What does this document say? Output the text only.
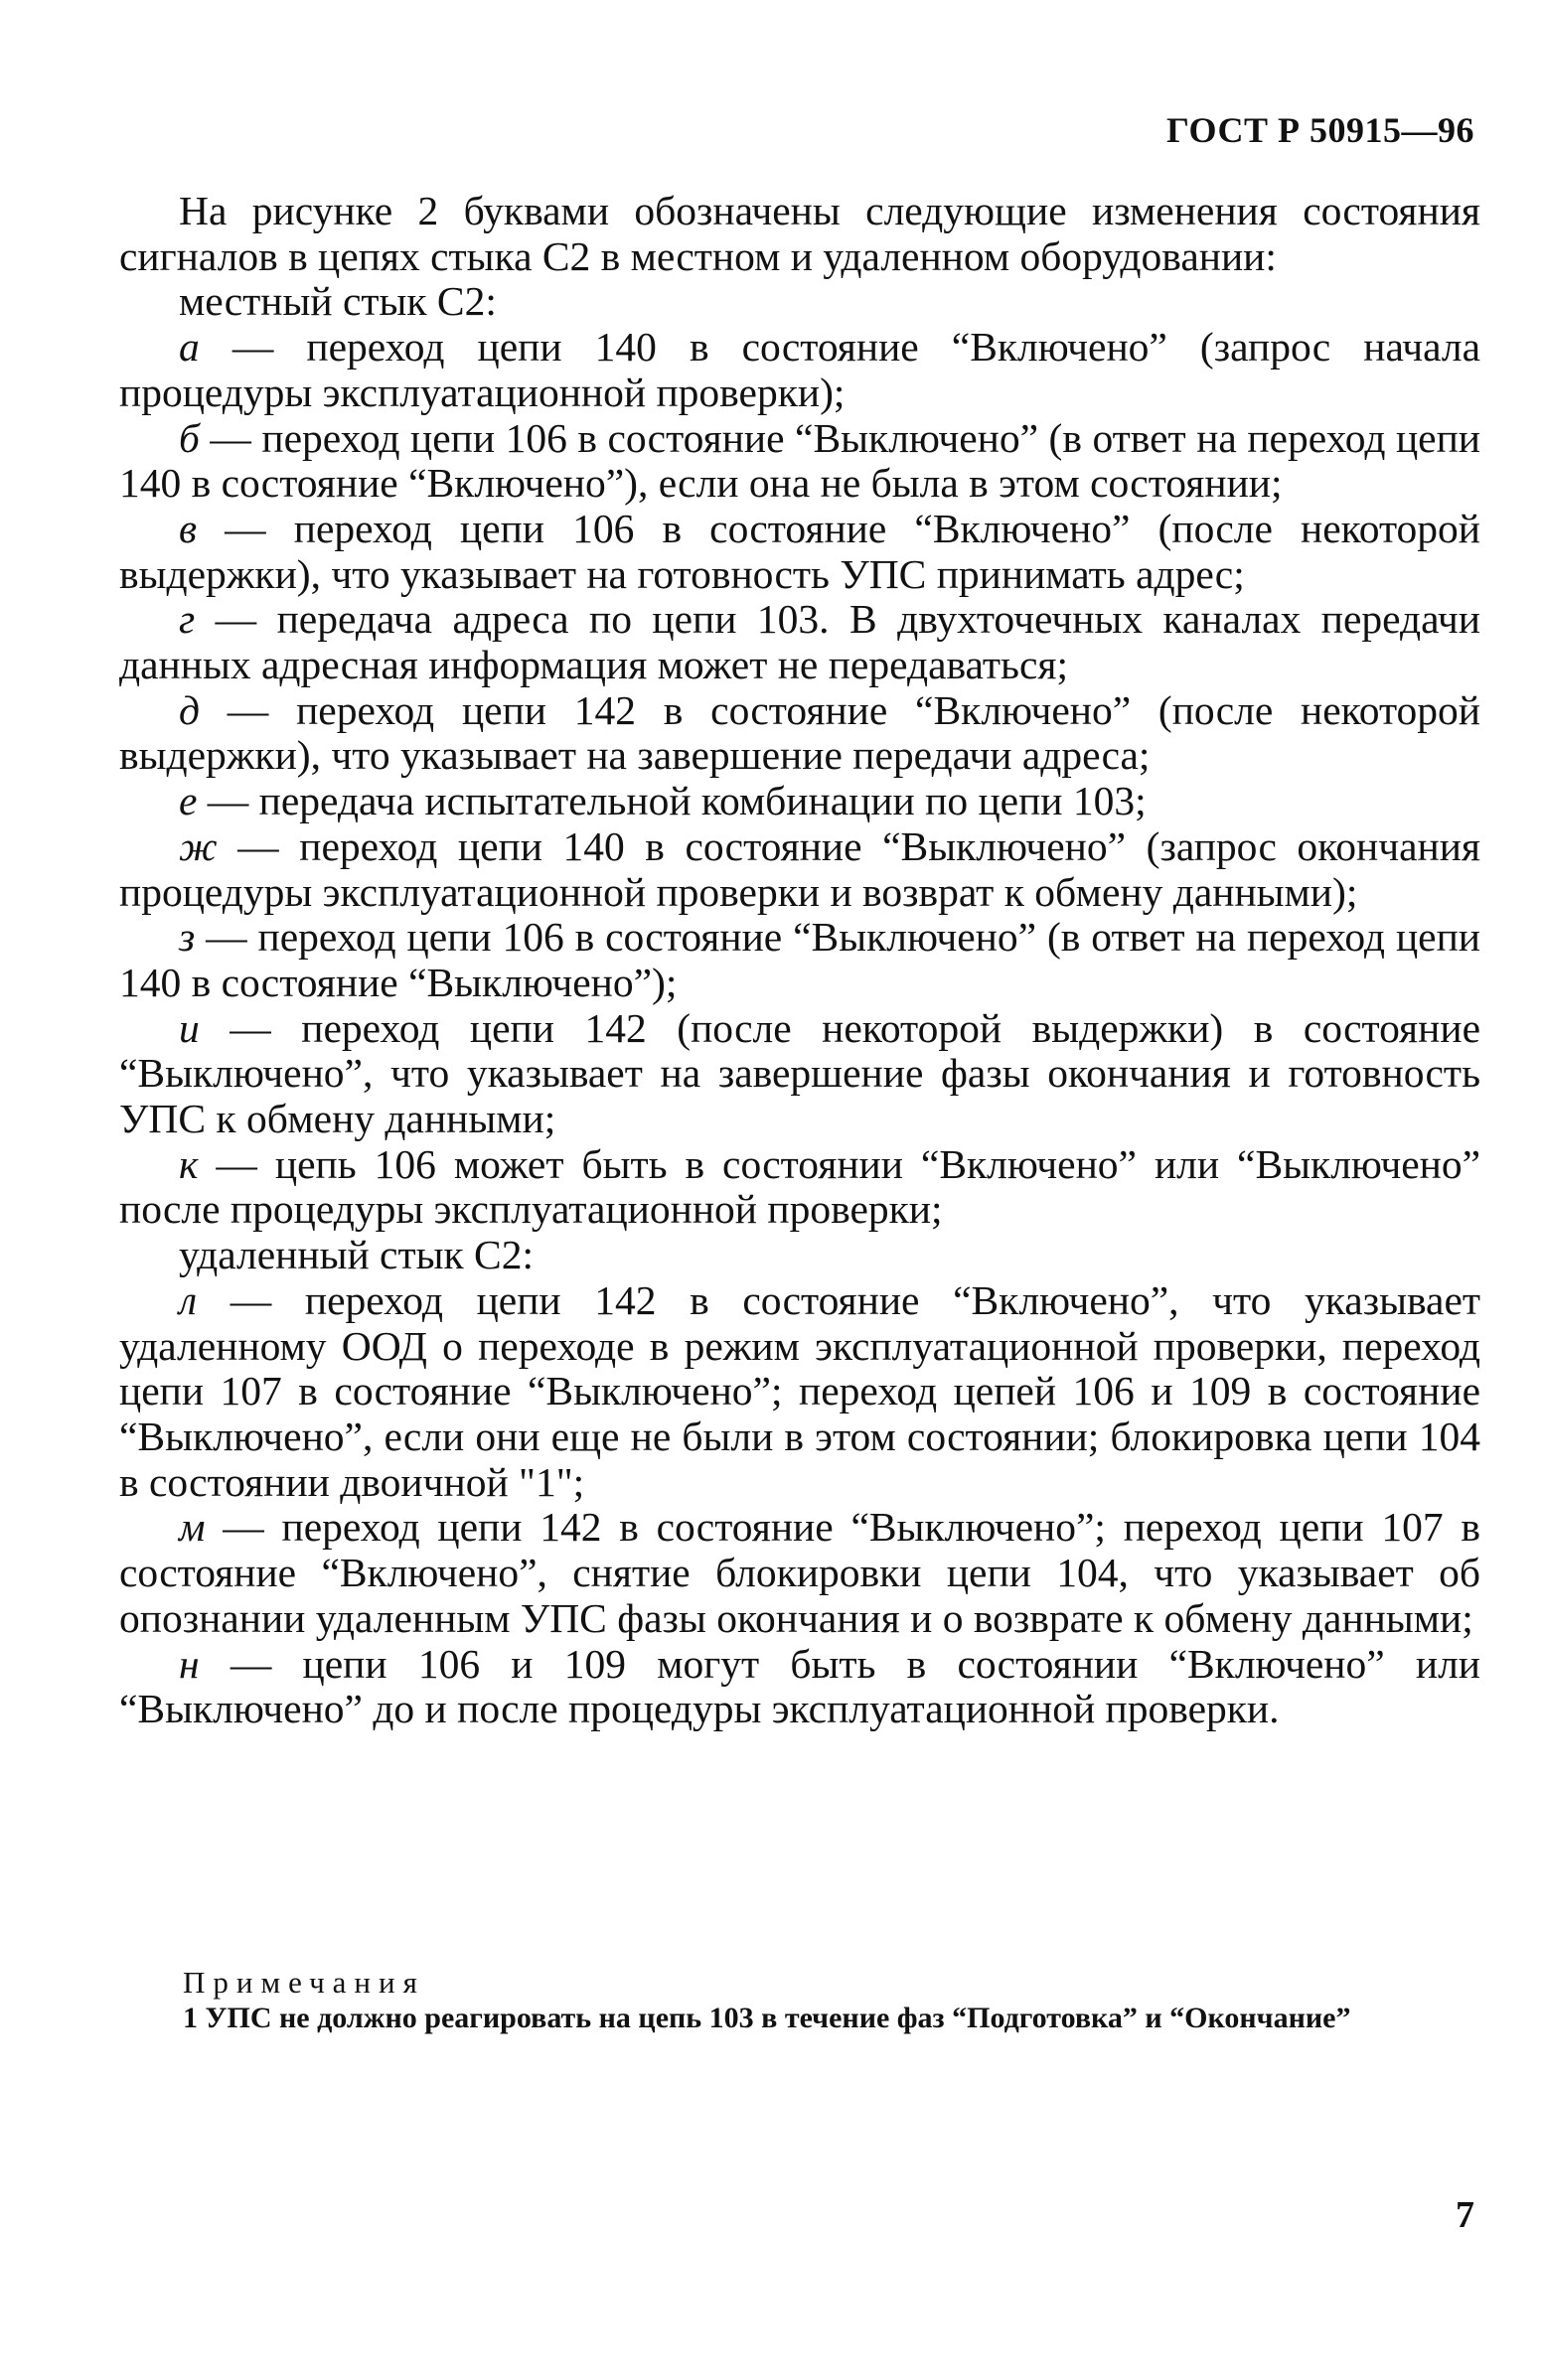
ГОСТ Р 50915—96

На рисунке 2 буквами обозначены следующие изменения состояния сигналов в цепях стыка С2 в местном и удаленном оборудовании:

местный стык С2:

а — переход цепи 140 в состояние “Включено” (запрос начала процедуры эксплуатационной проверки);

б — переход цепи 106 в состояние “Выключено” (в ответ на переход цепи 140 в состояние “Включено”), если она не была в этом состоянии;

в — переход цепи 106 в состояние “Включено” (после некоторой выдержки), что указывает на готовность УПС принимать адрес;

г — передача адреса по цепи 103. В двухточечных каналах передачи данных адресная информация может не передаваться;

д — переход цепи 142 в состояние “Включено” (после некоторой выдержки), что указывает на завершение передачи адреса;

е — передача испытательной комбинации по цепи 103;

ж — переход цепи 140 в состояние “Выключено” (запрос окончания процедуры эксплуатационной проверки и возврат к обмену данными);

з — переход цепи 106 в состояние “Выключено” (в ответ на переход цепи 140 в состояние “Выключено”);

и — переход цепи 142 (после некоторой выдержки) в состояние “Выключено”, что указывает на завершение фазы окончания и готовность УПС к обмену данными;

к — цепь 106 может быть в состоянии “Включено” или “Выключено” после процедуры эксплуатационной проверки;

удаленный стык С2:

л — переход цепи 142 в состояние “Включено”, что указывает удаленному ООД о переходе в режим эксплуатационной проверки, переход цепи 107 в состояние “Выключено”; переход цепей 106 и 109 в состояние “Выключено”, если они еще не были в этом состоянии; блокировка цепи 104 в состоянии двоичной "1";

м — переход цепи 142 в состояние “Выключено”; переход цепи 107 в состояние “Включено”, снятие блокировки цепи 104, что указывает об опознании удаленным УПС фазы окончания и о возврате к обмену данными;

н — цепи 106 и 109 могут быть в состоянии “Включено” или “Выключено” до и после процедуры эксплуатационной проверки.

Примечания

1 УПС не должно реагировать на цепь 103 в течение фаз “Подготовка” и “Окончание”

7
